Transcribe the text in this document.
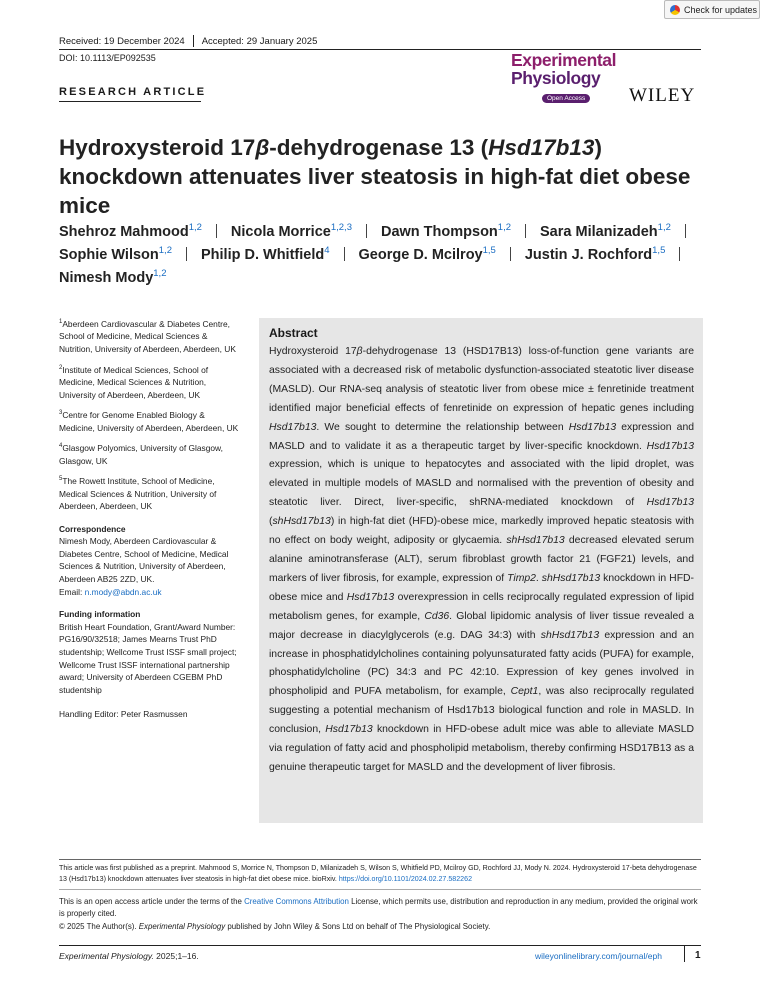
Check for updates
Received: 19 December 2024 Accepted: 29 January 2025
DOI: 10.1113/EP092535	Experimental
Physiology
Open Access	WILEY
RESEARCH ARTICLE
Hydroxysteroid 17β-dehydrogenase 13 (Hsd17b13) knockdown attenuates liver steatosis in high-fat diet obese mice
Shehroz Mahmood$^{1,2}$ Nicola Morrice$^{1,2,3}$ Dawn Thompson$^{1,2}$ Sara Milanizadeh$^{1,2}$
Sophie Wilson$^{1,2}$ Philip D. Whitfield$^4$ George D. Mcilroy$^{1,5}$ Justin J. Rochford$^{1,5}$
Nimesh Mody$^{1,2}$
$^1$Aberdeen Cardiovascular & Diabetes Centre, School of Medicine, Medical Sciences & Nutrition, University of Aberdeen, Aberdeen, UK
$^2$Institute of Medical Sciences, School of Medicine, Medical Sciences & Nutrition, University of Aberdeen, Aberdeen, UK
$^3$Centre for Genome Enabled Biology & Medicine, University of Aberdeen, Aberdeen, UK
$^4$Glasgow Polyomics, University of Glasgow, Glasgow, UK
$^5$The Rowett Institute, School of Medicine, Medical Sciences & Nutrition, University of Aberdeen, Aberdeen, UK
Correspondence
Nimesh Mody, Aberdeen Cardiovascular & Diabetes Centre, School of Medicine, Medical Sciences & Nutrition, University of Aberdeen, Aberdeen AB25 2ZD, UK.
Email: n.mody@abdn.ac.uk
Funding information
British Heart Foundation, Grant/Award Number: PG16/90/32518; James Mearns Trust PhD studentship; Wellcome Trust ISSF small project; Wellcome Trust ISSF international partnership award; University of Aberdeen CGEBM PhD studentship
Handling Editor: Peter Rasmussen
Abstract
Hydroxysteroid 17β-dehydrogenase 13 (HSD17B13) loss-of-function gene variants are associated with a decreased risk of metabolic dysfunction-associated steatotic liver disease (MASLD). Our RNA-seq analysis of steatotic liver from obese mice ± fenretinide treatment identified major beneficial effects of fenretinide on expression of hepatic genes including Hsd17b13. We sought to determine the relationship between Hsd17b13 expression and MASLD and to validate it as a therapeutic target by liver-specific knockdown. Hsd17b13 expression, which is unique to hepatocytes and associated with the lipid droplet, was elevated in multiple models of MASLD and normalised with the prevention of obesity and steatotic liver. Direct, liver-specific, shRNA-mediated knockdown of Hsd17b13 (shHsd17b13) in high-fat diet (HFD)-obese mice, markedly improved hepatic steatosis with no effect on body weight, adiposity or glycaemia. shHsd17b13 decreased elevated serum alanine aminotransferase (ALT), serum fibroblast growth factor 21 (FGF21) levels, and markers of liver fibrosis, for example, expression of Timp2. shHsd17b13 knockdown in HFD-obese mice and Hsd17b13 overexpression in cells reciprocally regulated expression of lipid metabolism genes, for example, Cd36. Global lipidomic analysis of liver tissue revealed a major decrease in diacylglycerols (e.g. DAG 34:3) with shHsd17b13 expression and an increase in phosphatidylcholines containing polyunsaturated fatty acids (PUFA) for example, phosphatidylcholine (PC) 34:3 and PC 42:10. Expression of key genes involved in phospholipid and PUFA metabolism, for example, Cept1, was also reciprocally regulated suggesting a potential mechanism of Hsd17b13 biological function and role in MASLD. In conclusion, Hsd17b13 knockdown in HFD-obese adult mice was able to alleviate MASLD via regulation of fatty acid and phospholipid metabolism, thereby confirming HSD17B13 as a genuine therapeutic target for MASLD and the development of liver fibrosis.
This article was first published as a preprint. Mahmood S, Morrice N, Thompson D, Milanizadeh S, Wilson S, Whitfield PD, Mcilroy GD, Rochford JJ, Mody N. 2024. Hydroxysteroid 17-beta dehydrogenase 13 (Hsd17b13) knockdown attenuates liver steatosis in high-fat diet obese mice. bioRxiv. https://doi.org/10.1101/2024.02.27.582262
This is an open access article under the terms of the Creative Commons Attribution License, which permits use, distribution and reproduction in any medium, provided the original work is properly cited.
© 2025 The Author(s). Experimental Physiology published by John Wiley & Sons Ltd on behalf of The Physiological Society.
Experimental Physiology. 2025;1–16.	wileyonlinelibrary.com/journal/eph	1
